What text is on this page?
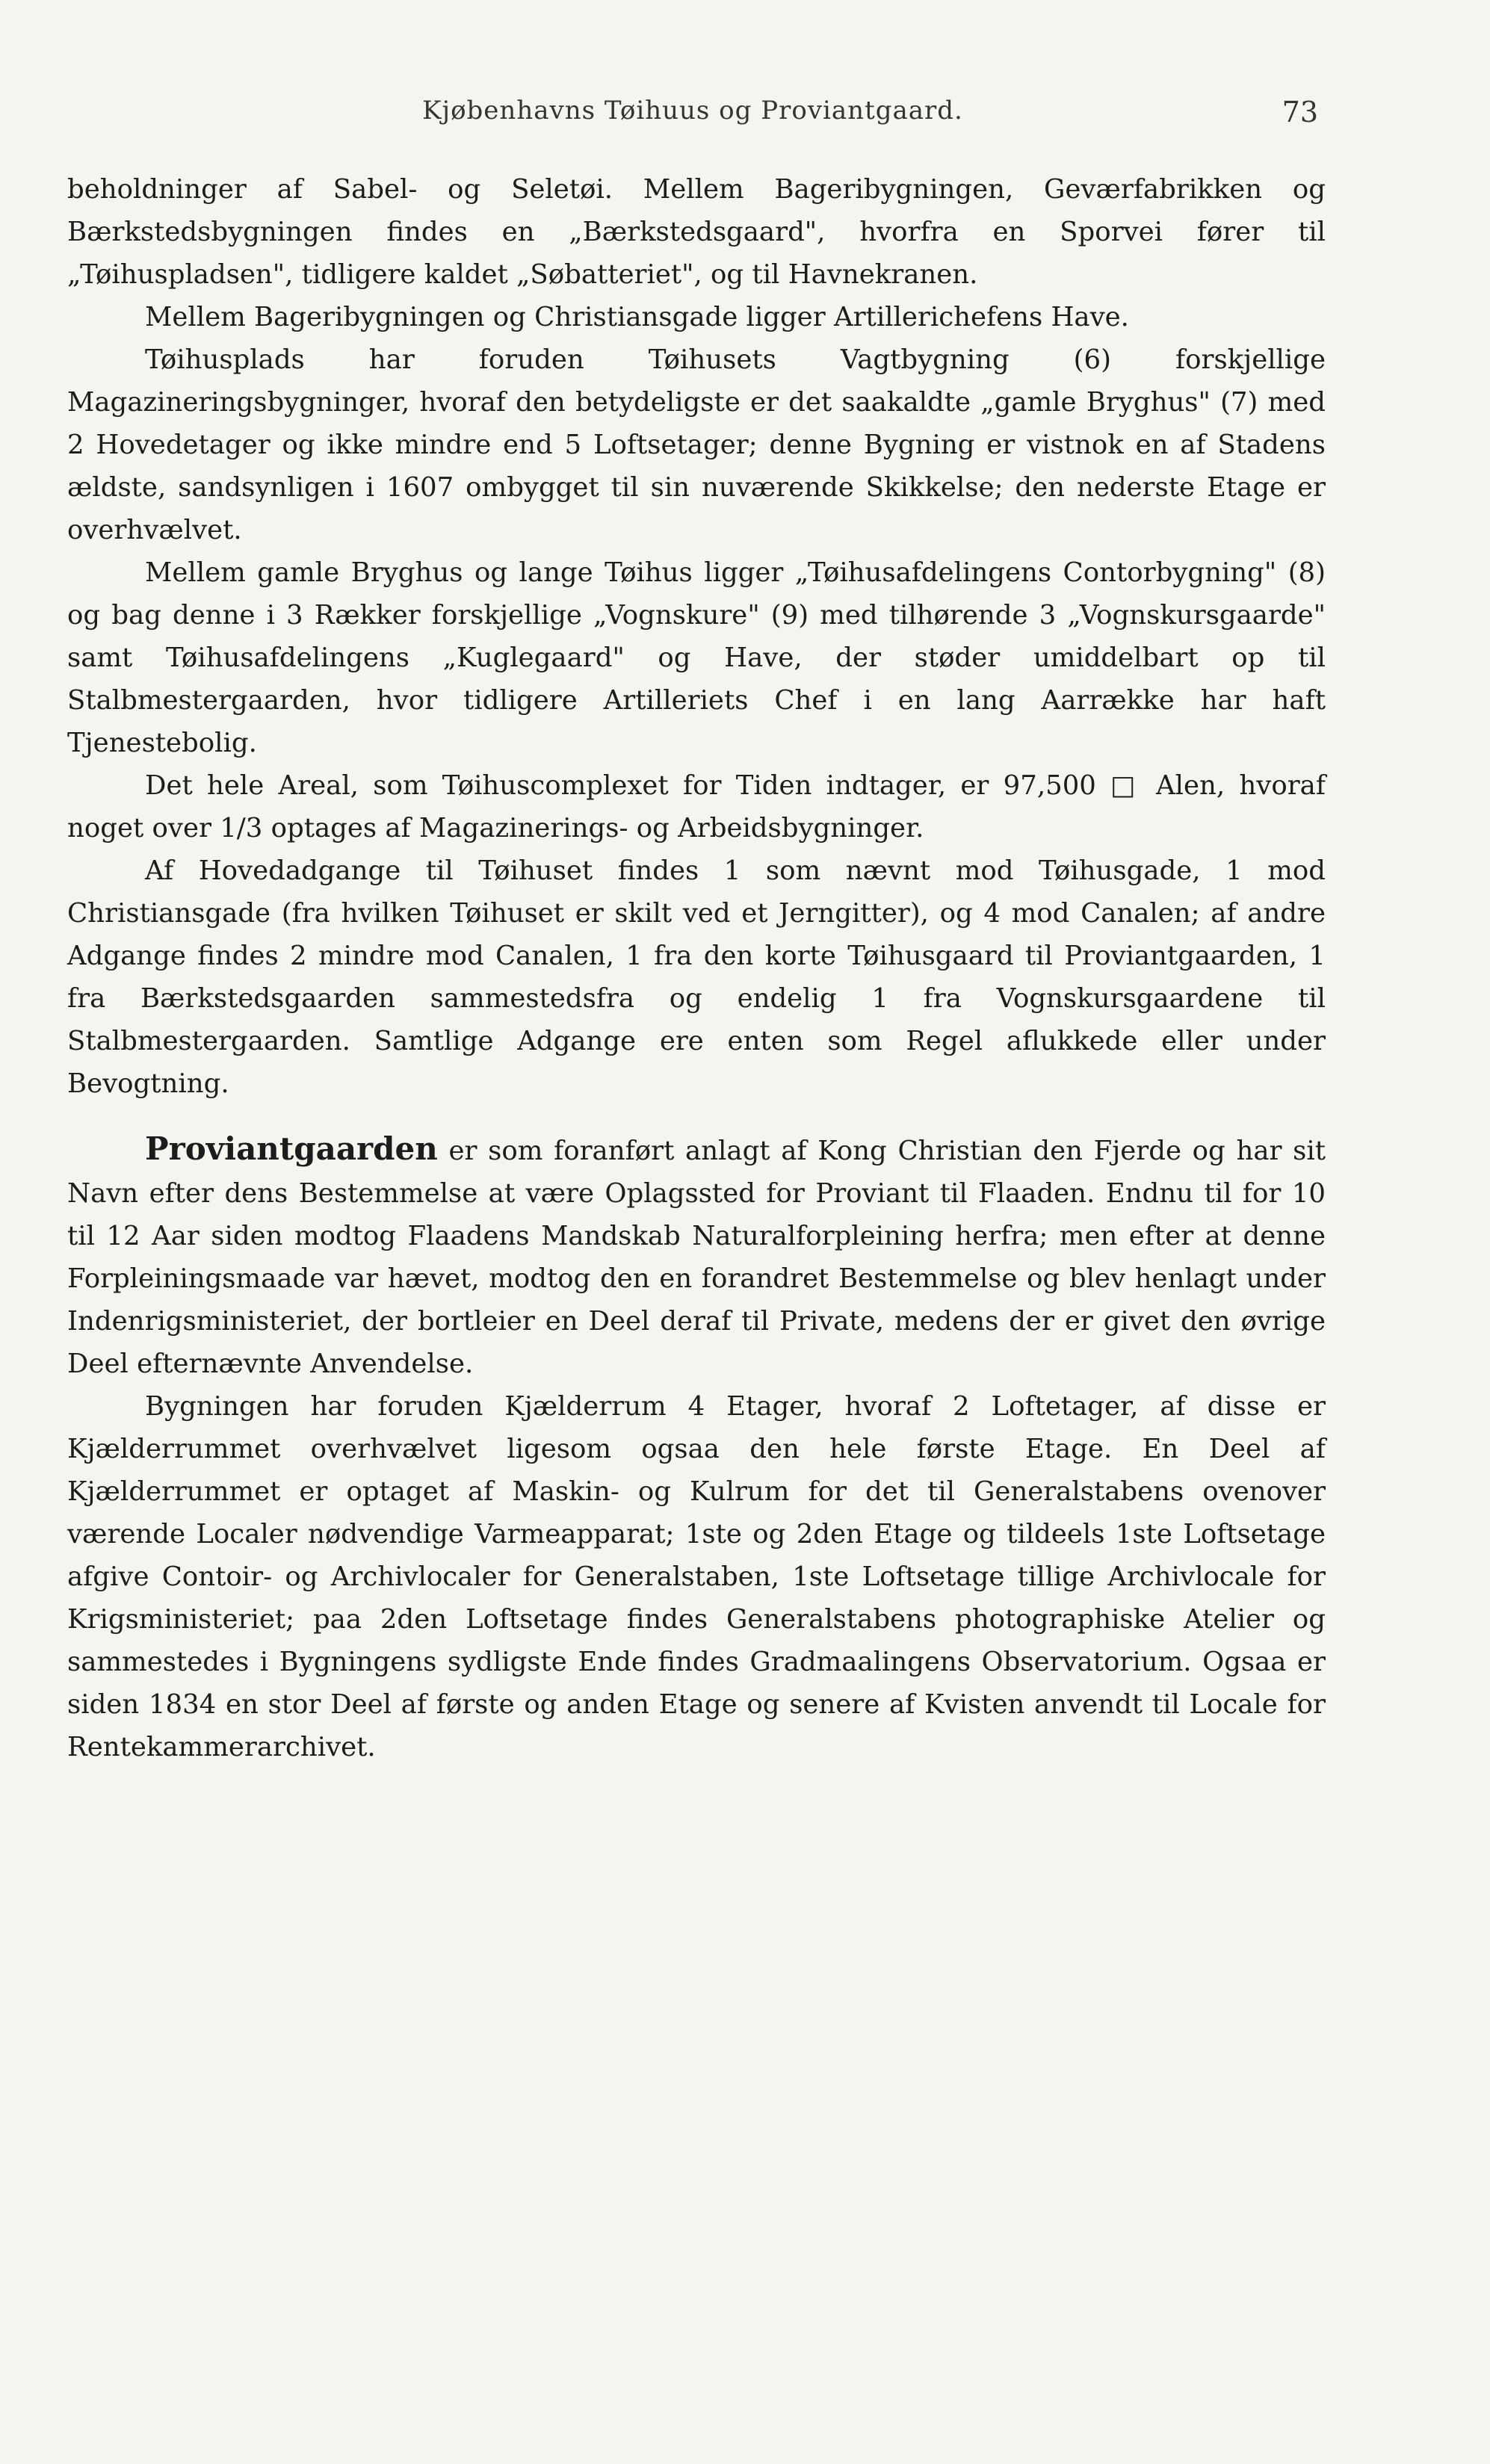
Kjøbenhavns Tøihuus og Proviantgaard.	73

beholdninger af Sabel- og Seletøi. Mellem Bageribygningen, Geværfabrikken og Bærkstedsbygningen findes en „Bærkstedsgaard", hvorfra en Sporvei fører til „Tøihuspladsen", tidligere kaldet „Søbatteriet", og til Havnekranen.

Mellem Bageribygningen og Christiansgade ligger Artillerichefens Have.

Tøihusplads har foruden Tøihusets Vagtbygning (6) forskjellige Magazineringsbygninger, hvoraf den betydeligste er det saakaldte „gamle Bryghus" (7) med 2 Hovedetager og ikke mindre end 5 Loftsetager; denne Bygning er vistnok en af Stadens ældste, sandsynligen i 1607 ombygget til sin nuværende Skikkelse; den nederste Etage er overhvælvet.

Mellem gamle Bryghus og lange Tøihus ligger „Tøihusafdelingens Contorbygning" (8) og bag denne i 3 Rækker forskjellige „Vognskure" (9) med tilhørende 3 „Vognskursgaarde" samt Tøihusafdelingens „Kuglegaard" og Have, der støder umiddelbart op til Stalbmestergaarden, hvor tidligere Artilleriets Chef i en lang Aarrække har haft Tjenestebolig.

Det hele Areal, som Tøihuscomplexet for Tiden indtager, er 97,500 □ Alen, hvoraf noget over 1/3 optages af Magazinerings- og Arbeidsbygninger.

Af Hovedadgange til Tøihuset findes 1 som nævnt mod Tøihusgade, 1 mod Christiansgade (fra hvilken Tøihuset er skilt ved et Jerngitter), og 4 mod Canalen; af andre Adgange findes 2 mindre mod Canalen, 1 fra den korte Tøihusgaard til Proviantgaarden, 1 fra Bærkstedsgaarden sammestedsfra og endelig 1 fra Vognskursgaardene til Stalbmestergaarden. Samtlige Adgange ere enten som Regel aflukkede eller under Bevogtning.

Proviantgaarden er som foranført anlagt af Kong Christian den Fjerde og har sit Navn efter dens Bestemmelse at være Oplagssted for Proviant til Flaaden. Endnu til for 10 til 12 Aar siden modtog Flaadens Mandskab Naturalforpleining herfra; men efter at denne Forpleiningsmaade var hævet, modtog den en forandret Bestemmelse og blev henlagt under Indenrigsministeriet, der bortleier en Deel deraf til Private, medens der er givet den øvrige Deel efternævnte Anvendelse.

Bygningen har foruden Kjælderrum 4 Etager, hvoraf 2 Loftetager, af disse er Kjælderrummet overhvælvet ligesom ogsaa den hele første Etage. En Deel af Kjælderrummet er optaget af Maskin- og Kulrum for det til Generalstabens ovenover værende Localer nødvendige Varmeapparat; 1ste og 2den Etage og tildeels 1ste Loftsetage afgive Contoir- og Archivlocaler for Generalstaben, 1ste Loftsetage tillige Archivlocale for Krigsministeriet; paa 2den Loftsetage findes Generalstabens photographiske Atelier og sammestedes i Bygningens sydligste Ende findes Gradmaalingens Observatorium. Ogsaa er siden 1834 en stor Deel af første og anden Etage og senere af Kvisten anvendt til Locale for Rentekammerarchivet.
